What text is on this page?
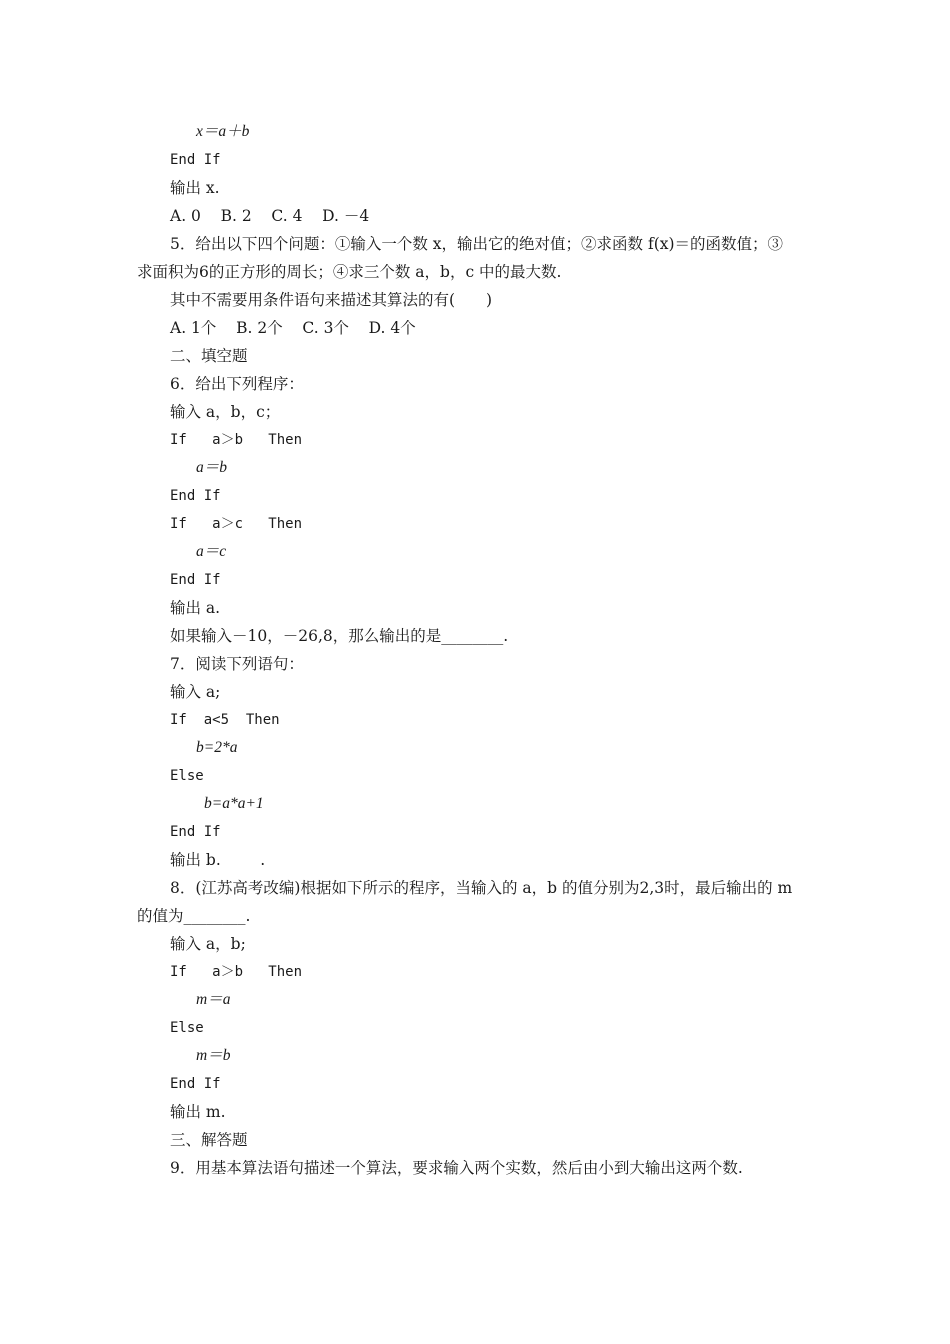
x＝a＋b
End If
输出 x.
A. 0    B. 2    C. 4    D. －4
5．给出以下四个问题：①输入一个数 x，输出它的绝对值；②求函数 f(x)＝的函数值；③
求面积为6的正方形的周长；④求三个数 a，b，c 中的最大数.
其中不需要用条件语句来描述其算法的有(　　)
A. 1个    B. 2个    C. 3个    D. 4个
二、填空题
6．给出下列程序：
输入 a，b，c；
If   a＞b   Then
a＝b
End If
If   a＞c   Then
a＝c
End If
输出 a.
如果输入－10，－26,8，那么输出的是________.
7．阅读下列语句：
输入 a;
If  a<5  Then
b=2*a
Else
b=a*a+1
End If
输出 b.        .
8．(江苏高考改编)根据如下所示的程序，当输入的 a，b 的值分别为2,3时，最后输出的 m
的值为________.
输入 a，b;
If   a＞b   Then
m＝a
Else
m＝b
End If
输出 m.
三、解答题
9．用基本算法语句描述一个算法，要求输入两个实数，然后由小到大输出这两个数.
